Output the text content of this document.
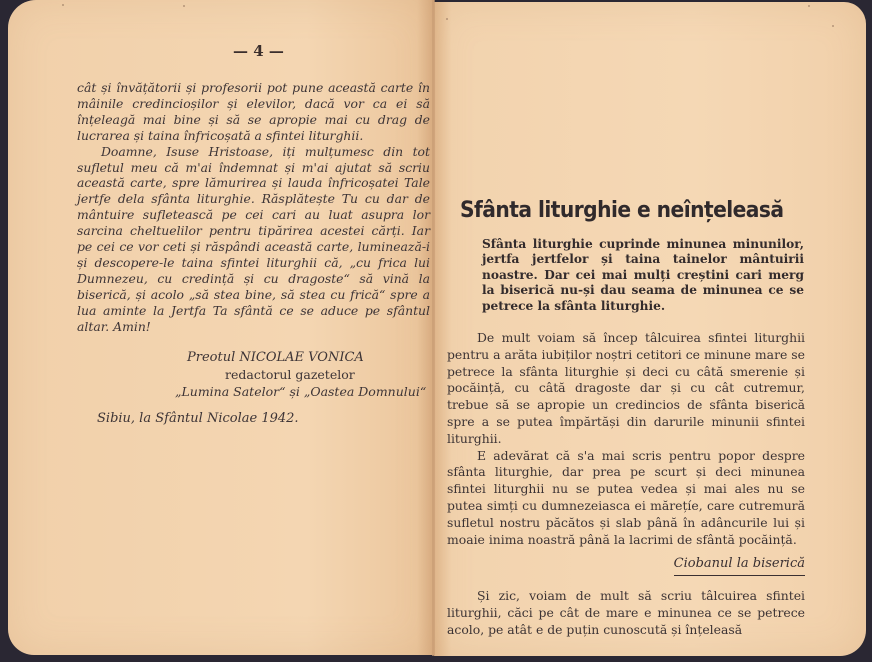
— 4 —

cât și învățătorii și profesorii pot pune această carte în mâinile credincioșilor și elevilor, dacă vor ca ei să înțeleagă mai bine și să se apropie mai cu drag de lucrarea și taina înfricoșată a sfintei liturghii.

Doamne, Isuse Hristoase, iți mulțumesc din tot sufletul meu că m'ai îndemnat și m'ai ajutat să scriu această carte, spre lămurirea și lauda înfricoșatei Tale jertfe dela sfânta liturghie. Răsplătește Tu cu dar de mântuire sufletească pe cei cari au luat asupra lor sarcina cheltuelilor pentru tipărirea acestei cărți. Iar pe cei ce vor ceti și răspândi această carte, luminează-i și descopere-le taina sfintei liturghii că, „cu frica lui Dumnezeu, cu credință și cu dragoste“ să vină la biserică, și acolo „să stea bine, să stea cu frică“ spre a lua aminte la Jertfa Ta sfântă ce se aduce pe sfântul altar. Amin!

Preotul NICOLAE VONICA
redactorul gazetelor
„Lumina Satelor“ și „Oastea Domnului“
Sibiu, la Sfântul Nicolae 1942.
Sfânta liturghie e neînțeleasă
Sfânta liturghie cuprinde minunea minunilor, jertfa jertfelor și taina tainelor mântuirii noastre. Dar cei mai mulți creștini cari merg la biserică nu-și dau seama de minunea ce se petrece la sfânta liturghie.

De mult voiam să încep tâlcuirea sfintei liturghii pentru a arăta iubiților noștri cetitori ce minune mare se petrece la sfânta liturghie și deci cu câtă smerenie și pocăință, cu câtă dragoste dar și cu cât cutremur, trebue să se apropie un credincios de sfânta biserică spre a se putea împărtăși din darurile minunii sfintei liturghii.

E adevărat că s'a mai scris pentru popor despre sfânta liturghie, dar prea pe scurt și deci minunea sfintei liturghii nu se putea vedea și mai ales nu se putea simți cu dumnezeiasca ei mărețíe, care cutremură sufletul nostru păcătos și slab până în adâncurile lui și moaie inima noastră până la lacrimi de sfântă pocăință.

Ciobanul la biserică

Și zic, voiam de mult să scriu tâlcuirea sfintei liturghii, căci pe cât de mare e minunea ce se petrece acolo, pe atât e de puțin cunoscută și înțeleasă
